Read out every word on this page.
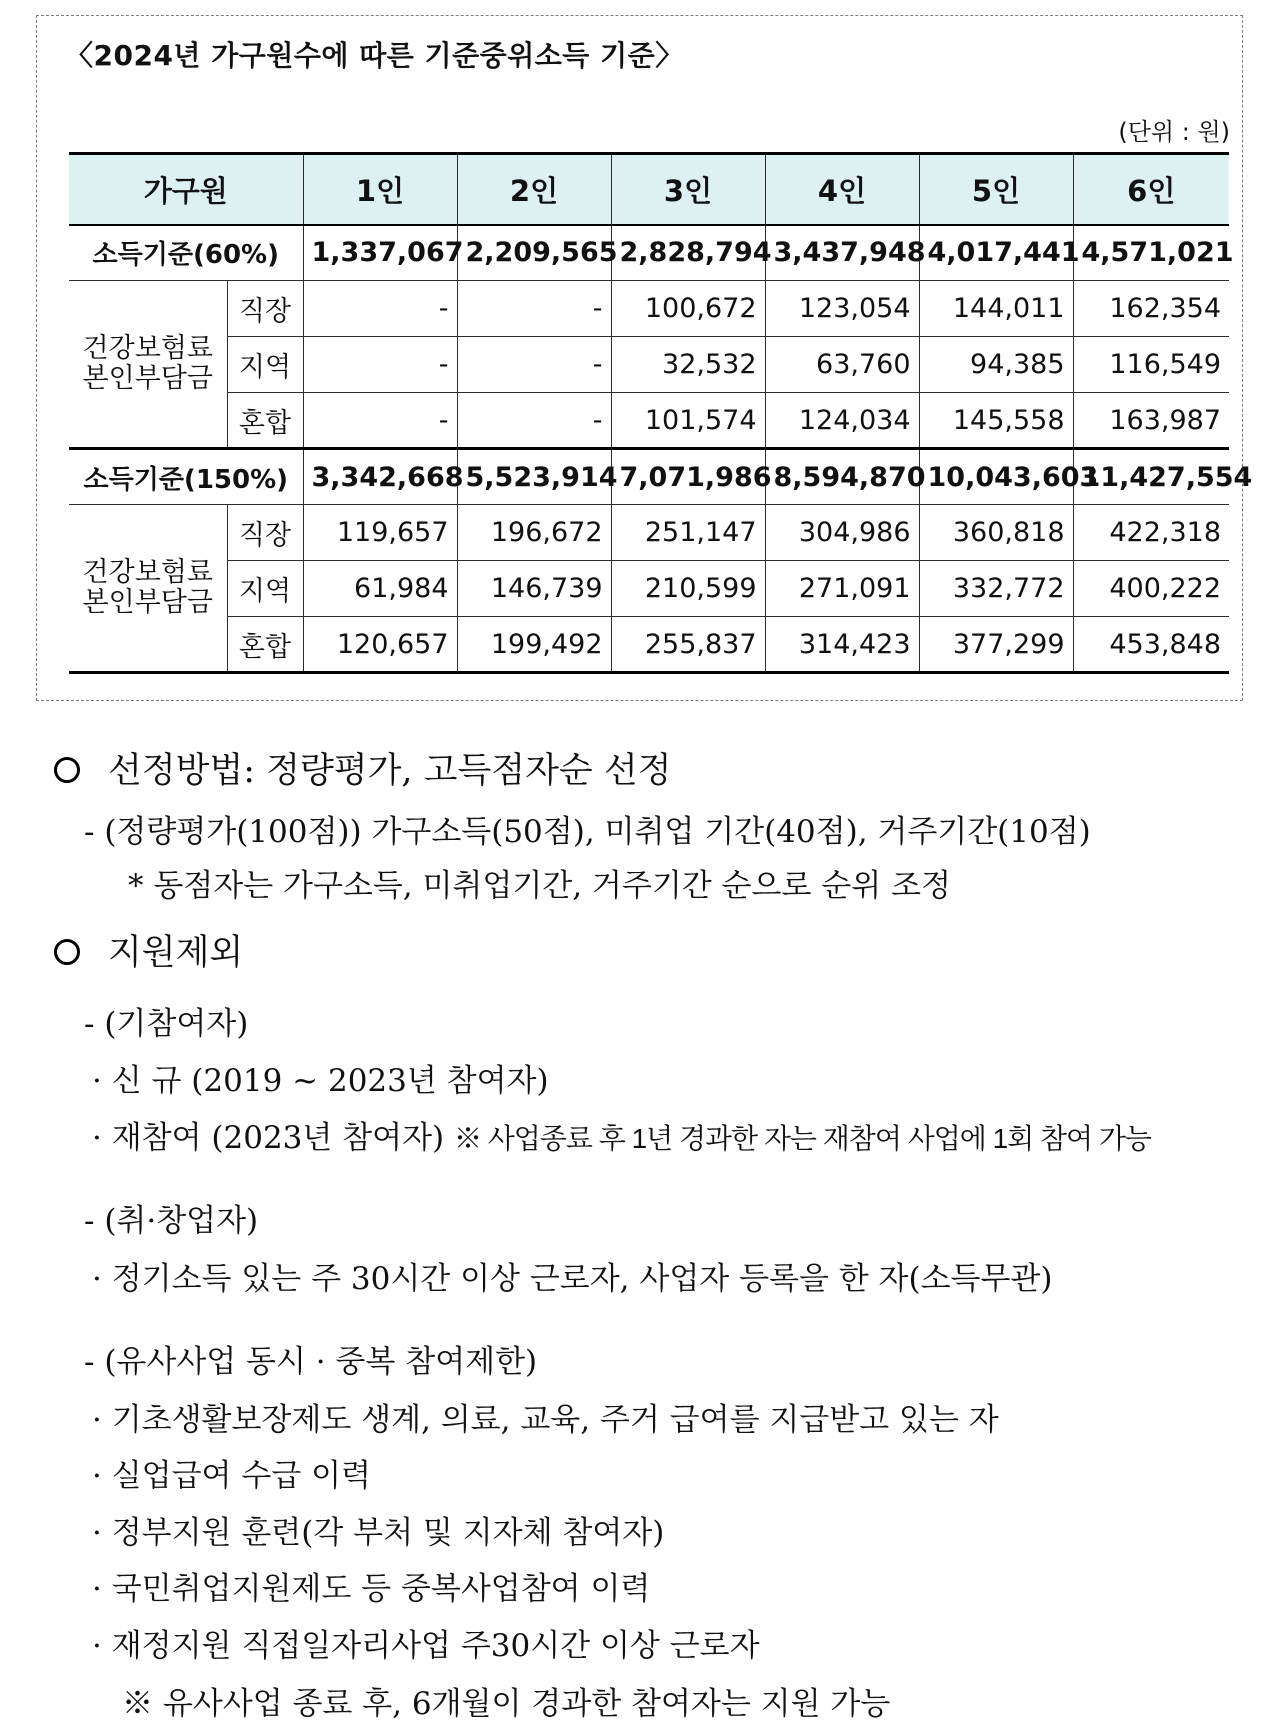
〈2024년 가구원수에 따른 기준중위소득 기준〉
(단위 : 원)
가구원		1인	2인	3인	4인	5인	6인
소득기준(60%)		1,337,067	2,209,565	2,828,794	3,437,948	4,017,441	4,571,021
건강보험료 본인부담금	직장	-	-	100,672	123,054	144,011	162,354
	지역	-	-	32,532	63,760	94,385	116,549
	혼합	-	-	101,574	124,034	145,558	163,987
소득기준(150%)		3,342,668	5,523,914	7,071,986	8,594,870	10,043,603	11,427,554
건강보험료 본인부담금	직장	119,657	196,672	251,147	304,986	360,818	422,318
	지역	61,984	146,739	210,599	271,091	332,772	400,222
	혼합	120,657	199,492	255,837	314,423	377,299	453,848
선정방법: 정량평가, 고득점자순 선정
- (정량평가(100점)) 가구소득(50점), 미취업 기간(40점), 거주기간(10점)
* 동점자는 가구소득, 미취업기간, 거주기간 순으로 순위 조정
지원제외
- (기참여자)
· 신 규 (2019 ~ 2023년 참여자)
· 재참여 (2023년 참여자) ※ 사업종료 후 1년 경과한 자는 재참여 사업에 1회 참여 가능
- (취·창업자)
· 정기소득 있는 주 30시간 이상 근로자, 사업자 등록을 한 자(소득무관)
- (유사사업 동시 · 중복 참여제한)
· 기초생활보장제도 생계, 의료, 교육, 주거 급여를 지급받고 있는 자
· 실업급여 수급 이력
· 정부지원 훈련(각 부처 및 지자체 참여자)
· 국민취업지원제도 등 중복사업참여 이력
· 재정지원 직접일자리사업 주30시간 이상 근로자
※ 유사사업 종료 후, 6개월이 경과한 참여자는 지원 가능
